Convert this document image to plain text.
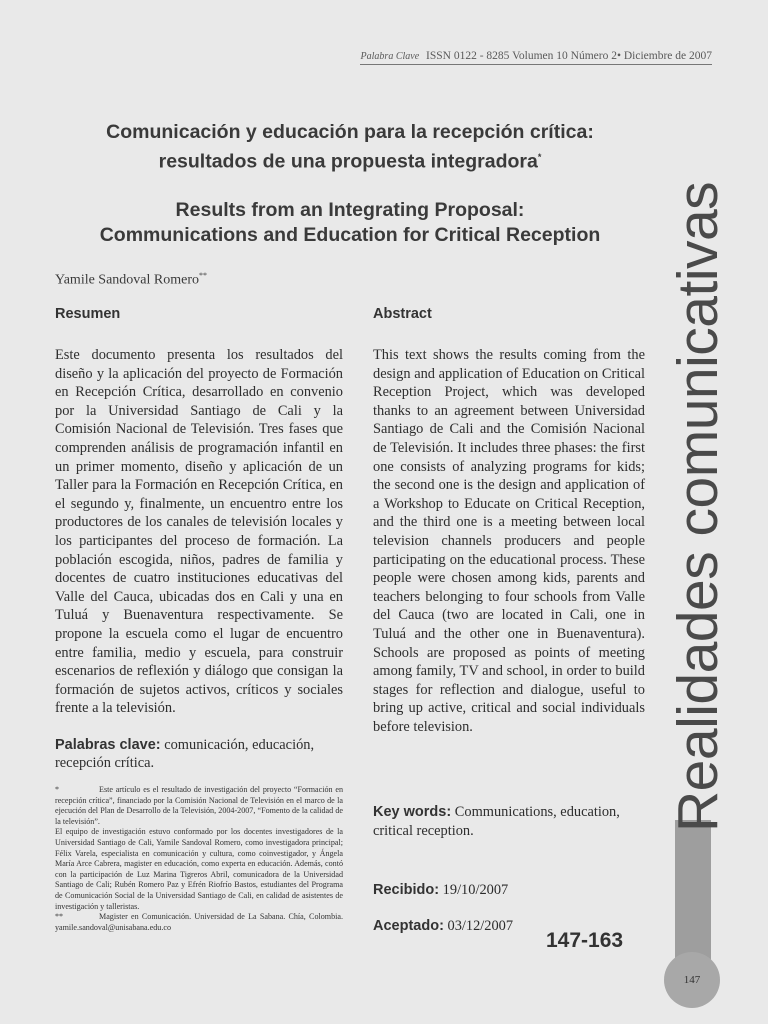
Palabra Clave ISSN 0122 - 8285 Volumen 10 Número 2• Diciembre de 2007
Comunicación y educación para la recepción crítica:
resultados de una propuesta integradora*
Results from an Integrating Proposal:
Communications and Education for Critical Reception
Yamile Sandoval Romero**
Resumen

Este documento presenta los resultados del diseño y la aplicación del proyecto de Formación en Recepción Crítica, desarrollado en convenio por la Universidad Santiago de Cali y la Comisión Nacional de Televisión. Tres fases que comprenden análisis de programación infantil en un primer momento, diseño y aplicación de un Taller para la Formación en Recepción Crítica, en el segundo y, finalmente, un encuentro entre los productores de los canales de televisión locales y los participantes del proceso de formación. La población escogida, niños, padres de familia y docentes de cuatro instituciones educativas del Valle del Cauca, ubicadas dos en Cali y una en Tuluá y Buenaventura respectivamente. Se propone la escuela como el lugar de encuentro entre familia, medio y escuela, para construir escenarios de reflexión y diálogo que consigan la formación de sujetos activos, críticos y sociales frente a la televisión.

Palabras clave: comunicación, educación, recepción crítica.

*	Este artículo es el resultado de investigación del proyecto “Formación en recepción crítica”, financiado por la Comisión Nacional de Televisión en el marco de la ejecución del Plan de Desarrollo de la Televisión, 2004-2007, “Fomento de la calidad de la televisión”.

El equipo de investigación estuvo conformado por los docentes investigadores de la Universidad Santiago de Cali, Yamile Sandoval Romero, como investigadora principal; Félix Varela, especialista en comunicación y cultura, como coinvestigador, y Ángela María Arce Cabrera, magister en educación, como experta en educación. Además, contó con la participación de Luz Marina Tigreros Abril, comunicadora de la Universidad Santiago de Cali; Rubén Romero Paz y Efrén Riofrío Bastos, estudiantes del Programa de Comunicación Social de la Universidad Santiago de Cali, en calidad de asistentes de investigación y talleristas.

**	Magister en Comunicación. Universidad de La Sabana. Chía, Colombia. yamile.sandoval@unisabana.edu.co

Abstract

This text shows the results coming from the design and application of Education on Critical Reception Project, which was developed thanks to an agreement between Universidad Santiago de Cali and the Comisión Nacional de Televisión. It includes three phases: the first one consists of analyzing programs for kids; the second one is the design and application of a Workshop to Educate on Critical Reception, and the third one is a meeting between local television channels producers and people participating on the educational process. These people were chosen among kids, parents and teachers belonging to four schools from Valle del Cauca (two are located in Cali, one in Tuluá and the other one in Buenaventura). Schools are proposed as points of meeting among family, TV and school, in order to build stages for reflection and dialogue, useful to bring up active, critical and social individuals before television.

Key words: Communications, education, critical reception.
Recibido: 19/10/2007
Aceptado: 03/12/2007
147-163
147
Realidades comunicativas
